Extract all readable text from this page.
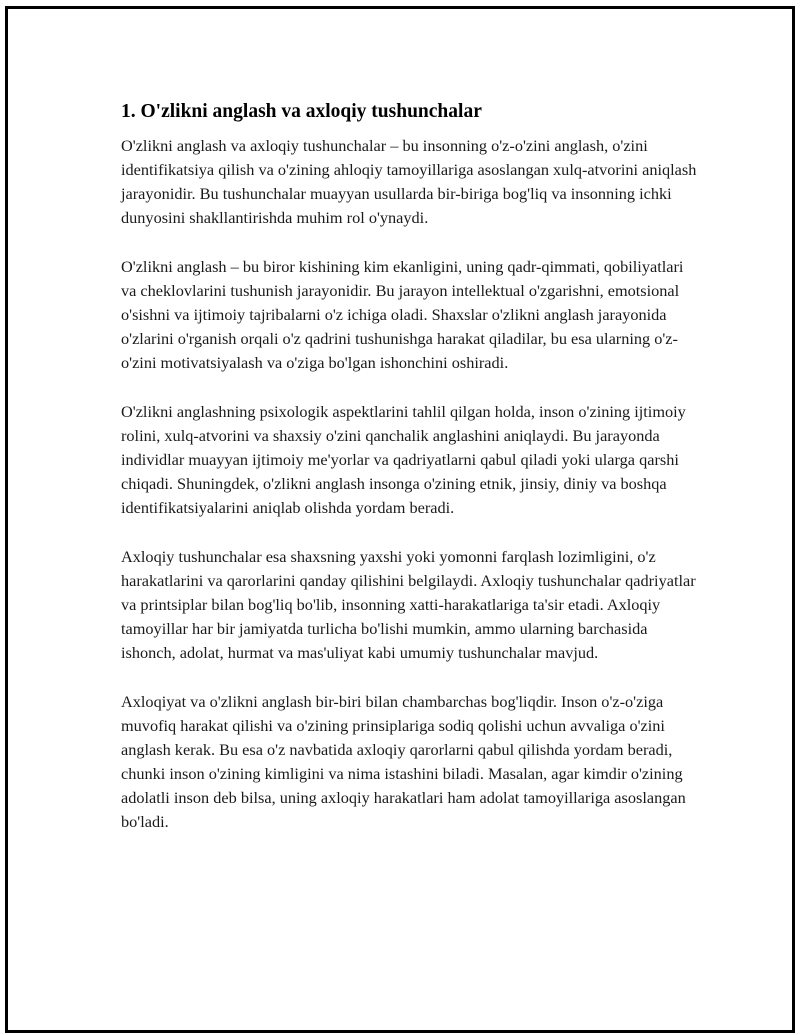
1. O'zlikni anglash va axloqiy tushunchalar

O'zlikni anglash va axloqiy tushunchalar – bu insonning o'z-o'zini anglash, o'zini identifikatsiya qilish va o'zining ahloqiy tamoyillariga asoslangan xulq-atvorini aniqlash jarayonidir. Bu tushunchalar muayyan usullarda bir-biriga bog'liq va insonning ichki dunyosini shakllantirishda muhim rol o'ynaydi.

O'zlikni anglash – bu biror kishining kim ekanligini, uning qadr-qimmati, qobiliyatlari va cheklovlarini tushunish jarayonidir. Bu jarayon intellektual o'zgarishni, emotsional o'sishni va ijtimoiy tajribalarni o'z ichiga oladi. Shaxslar o'zlikni anglash jarayonida o'zlarini o'rganish orqali o'z qadrini tushunishga harakat qiladilar, bu esa ularning o'z-o'zini motivatsiyalash va o'ziga bo'lgan ishonchini oshiradi.

O'zlikni anglashning psixologik aspektlarini tahlil qilgan holda, inson o'zining ijtimoiy rolini, xulq-atvorini va shaxsiy o'zini qanchalik anglashini aniqlaydi. Bu jarayonda individlar muayyan ijtimoiy me'yorlar va qadriyatlarni qabul qiladi yoki ularga qarshi chiqadi. Shuningdek, o'zlikni anglash insonga o'zining etnik, jinsiy, diniy va boshqa identifikatsiyalarini aniqlab olishda yordam beradi.

Axloqiy tushunchalar esa shaxsning yaxshi yoki yomonni farqlash lozimligini, o'z harakatlarini va qarorlarini qanday qilishini belgilaydi. Axloqiy tushunchalar qadriyatlar va printsiplar bilan bog'liq bo'lib, insonning xatti-harakatlariga ta'sir etadi. Axloqiy tamoyillar har bir jamiyatda turlicha bo'lishi mumkin, ammo ularning barchasida ishonch, adolat, hurmat va mas'uliyat kabi umumiy tushunchalar mavjud.

Axloqiyat va o'zlikni anglash bir-biri bilan chambarchas bog'liqdir. Inson o'z-o'ziga muvofiq harakat qilishi va o'zining prinsiplariga sodiq qolishi uchun avvaliga o'zini anglash kerak. Bu esa o'z navbatida axloqiy qarorlarni qabul qilishda yordam beradi, chunki inson o'zining kimligini va nima istashini biladi. Masalan, agar kimdir o'zining adolatli inson deb bilsa, uning axloqiy harakatlari ham adolat tamoyillariga asoslangan bo'ladi.
